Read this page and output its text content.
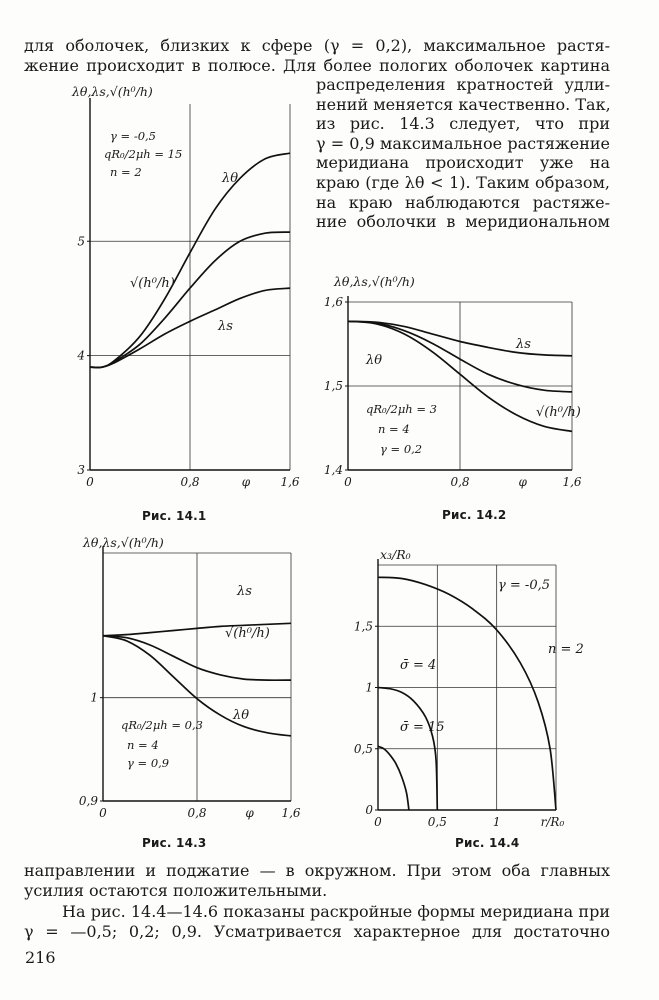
для оболочек, близких к сфере (γ = 0,2), максимальное растя-
жение происходит в полюсе. Для более пологих оболочек картина
распределения кратностей удли-
нений меняется качественно. Так,
из рис. 14.3 следует, что при
γ = 0,9 максимальное растяжение
меридиана происходит уже на
краю (где λθ < 1). Таким образом,
на краю наблюдаются растяже-
ние оболочки в меридиональном
3
4
5
0	0,8	φ	1,6
λθ,λs,√(h⁰/h)
γ = -0,5
qR₀/2μh = 15
n = 2	λθ
√(h⁰/h)
λs
Рис. 14.1
1,4
1,5
1,6
0	0,8	φ	1,6
λθ,λs,√(h⁰/h)
qR₀/2μh = 3
n = 4
γ = 0,2
λs
λθ
√(h⁰/h)
Рис. 14.2
0,9
1
0	0,8	φ 1,6
λθ,λs,√(h⁰/h)
qR₀/2μh = 0,3
n = 4
γ = 0,9
λs
√(h⁰/h)
λθ
Рис. 14.3
0
0,5
1
1,5
0	0,5	1	r/R₀
x₃/R₀
γ = -0,5
n = 2
σ̄ = 4
σ̄ = 15
Рис. 14.4
направлении и поджатие — в окружном. При этом оба главных
усилия остаются положительными.
На рис. 14.4—14.6 показаны раскройные формы меридиана при
γ = —0,5; 0,2; 0,9. Усматривается характерное для достаточно
216
